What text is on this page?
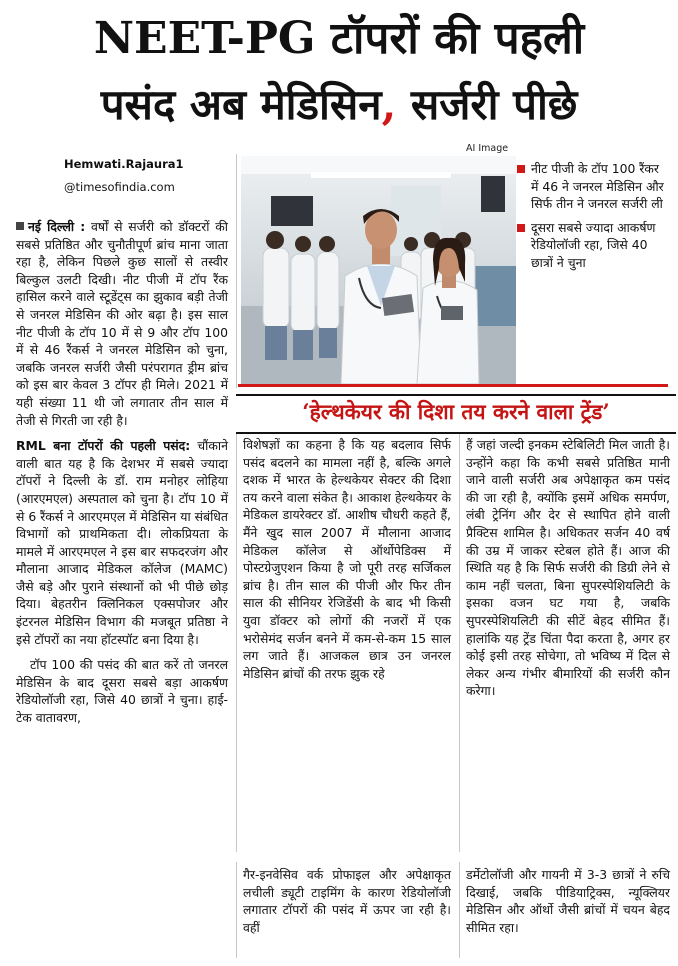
NEET-PG टॉपरों की पहली
पसंद अब मेडिसिन, सर्जरी पीछे
Hemwati.Rajaura1
@timesofindia.com

नई दिल्ली : वर्षों से सर्जरी को डॉक्टरों की सबसे प्रतिष्ठित और चुनौतीपूर्ण ब्रांच माना जाता रहा है, लेकिन पिछले कुछ सालों से तस्वीर बिल्कुल उलटी दिखी। नीट पीजी में टॉप रैंक हासिल करने वाले स्टूडेंट्स का झुकाव बड़ी तेजी से जनरल मेडिसिन की ओर बढ़ा है। इस साल नीट पीजी के टॉप 10 में से 9 और टॉप 100 में से 46 रैंकर्स ने जनरल मेडिसिन को चुना, जबकि जनरल सर्जरी जैसी परंपरागत ड्रीम ब्रांच को इस बार केवल 3 टॉपर ही मिले। 2021 में यही संख्या 11 थी जो लगातार तीन साल में तेजी से गिरती जा रही है।

RML बना टॉपरों की पहली पसंद: चौंकाने वाली बात यह है कि देशभर में सबसे ज्यादा टॉपरों ने दिल्ली के डॉ. राम मनोहर लोहिया (आरएमएल) अस्पताल को चुना है। टॉप 10 में से 6 रैंकर्स ने आरएमएल में मेडिसिन या संबंधित विभागों को प्राथमिकता दी। लोकप्रियता के मामले में आरएमएल ने इस बार सफदरजंग और मौलाना आजाद मेडिकल कॉलेज (MAMC) जैसे बड़े और पुराने संस्थानों को भी पीछे छोड़ दिया। बेहतरीन क्लिनिकल एक्सपोजर और इंटरनल मेडिसिन विभाग की मजबूत प्रतिष्ठा ने इसे टॉपरों का नया हॉटस्पॉट बना दिया है।

टॉप 100 की पसंद की बात करें तो जनरल मेडिसिन के बाद दूसरा सबसे बड़ा आकर्षण रेडियोलॉजी रहा, जिसे 40 छात्रों ने चुना। हाई-टेक वातावरण,

AI Image
नीट पीजी के टॉप 100 रैंकर में 46 ने जनरल मेडिसिन और सिर्फ तीन ने जनरल सर्जरी ली
दूसरा सबसे ज्यादा आकर्षण रेडियोलॉजी रहा, जिसे 40 छात्रों ने चुना
‘हेल्थकेयर की दिशा तय करने वाला ट्रेंड’

विशेषज्ञों का कहना है कि यह बदलाव सिर्फ पसंद बदलने का मामला नहीं है, बल्कि अगले दशक में भारत के हेल्थकेयर सेक्टर की दिशा तय करने वाला संकेत है। आकाश हेल्थकेयर के मेडिकल डायरेक्टर डॉ. आशीष चौधरी कहते हैं, मैंने खुद साल 2007 में मौलाना आजाद मेडिकल कॉलेज से ऑर्थोपेडिक्स में पोस्टग्रेजुएशन किया है जो पूरी तरह सर्जिकल ब्रांच है। तीन साल की पीजी और फिर तीन साल की सीनियर रेजिडेंसी के बाद भी किसी युवा डॉक्टर को लोगों की नजरों में एक भरोसेमंद सर्जन बनने में कम-से-कम 15 साल लग जाते हैं। आजकल छात्र उन जनरल मेडिसिन ब्रांचों की तरफ झुक रहे

हैं जहां जल्दी इनकम स्टेबिलिटी मिल जाती है। उन्होंने कहा कि कभी सबसे प्रतिष्ठित मानी जाने वाली सर्जरी अब अपेक्षाकृत कम पसंद की जा रही है, क्योंकि इसमें अधिक समर्पण, लंबी ट्रेनिंग और देर से स्थापित होने वाली प्रैक्टिस शामिल है। अधिकतर सर्जन 40 वर्ष की उम्र में जाकर स्टेबल होते हैं। आज की स्थिति यह है कि सिर्फ सर्जरी की डिग्री लेने से काम नहीं चलता, बिना सुपरस्पेशियलिटी के इसका वजन घट गया है, जबकि सुपरस्पेशियलिटी की सीटें बेहद सीमित हैं। हालांकि यह ट्रेंड चिंता पैदा करता है, अगर हर कोई इसी तरह सोचेगा, तो भविष्य में दिल से लेकर अन्य गंभीर बीमारियों की सर्जरी कौन करेगा।

गैर-इनवेसिव वर्क प्रोफाइल और अपेक्षाकृत लचीली ड्यूटी टाइमिंग के कारण रेडियोलॉजी लगातार टॉपरों की पसंद में ऊपर जा रही है। वहीं

डर्मेटोलॉजी और गायनी में 3-3 छात्रों ने रुचि दिखाई, जबकि पीडियाट्रिक्स, न्यूक्लियर मेडिसिन और ऑर्थो जैसी ब्रांचों में चयन बेहद सीमित रहा।
